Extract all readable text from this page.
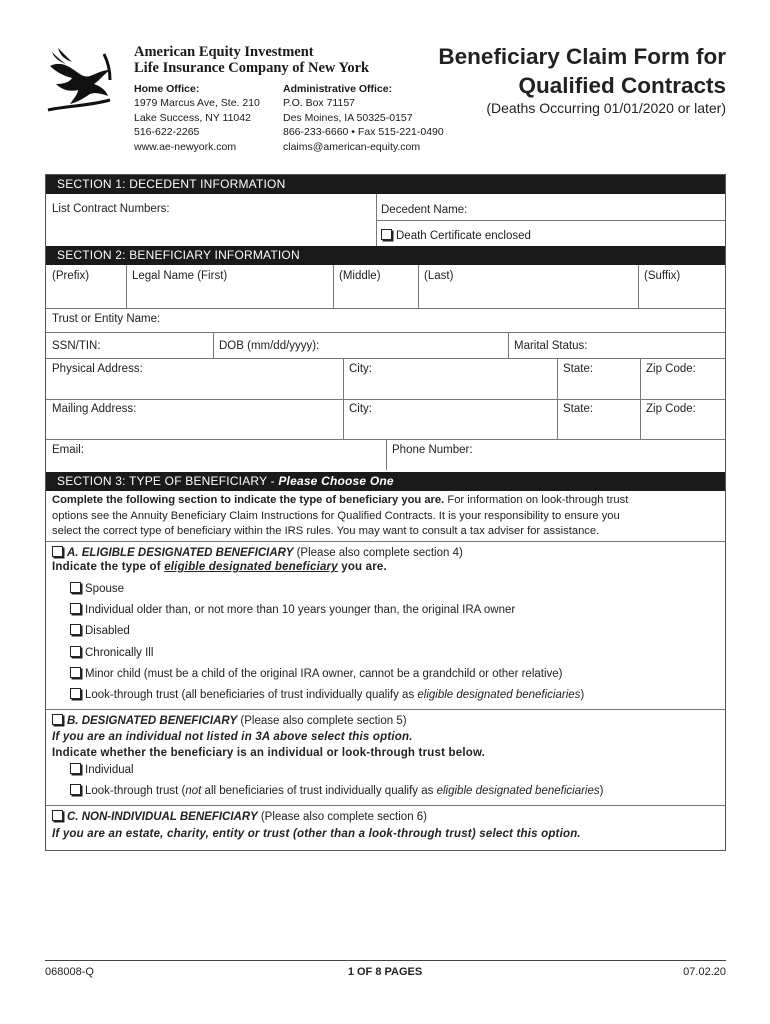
American Equity Investment
Life Insurance Company of New York
Home Office:
1979 Marcus Ave, Ste. 210
Lake Success, NY 11042
516-622-2265
www.ae-newyork.com
Administrative Office:
P.O. Box 71157
Des Moines, IA 50325-0157
866-233-6660 • Fax 515-221-0490
claims@american-equity.com
Beneficiary Claim Form for
Qualified Contracts
(Deaths Occurring 01/01/2020 or later)
SECTION 1: DECEDENT INFORMATION
List Contract Numbers:	Decedent Name:
Death Certificate enclosed
SECTION 2: BENEFICIARY INFORMATION
(Prefix)	Legal Name (First)	(Middle)	(Last)	(Suffix)
Trust or Entity Name:
SSN/TIN:	DOB (mm/dd/yyyy):	Marital Status:
Physical Address:	City:	State:	Zip Code:
Mailing Address:	City:	State:	Zip Code:
Email:	Phone Number:
SECTION 3: TYPE OF BENEFICIARY - Please Choose One
Complete the following section to indicate the type of beneficiary you are. For information on look-through trust
options see the Annuity Beneficiary Claim Instructions for Qualified Contracts. It is your responsibility to ensure you
select the correct type of beneficiary within the IRS rules. You may want to consult a tax adviser for assistance.
A. ELIGIBLE DESIGNATED BENEFICIARY (Please also complete section 4)
Indicate the type of eligible designated beneficiary you are.
Spouse
Individual older than, or not more than 10 years younger than, the original IRA owner
Disabled
Chronically Ill
Minor child (must be a child of the original IRA owner, cannot be a grandchild or other relative)
Look-through trust (all beneficiaries of trust individually qualify as eligible designated beneficiaries)
B. DESIGNATED BENEFICIARY (Please also complete section 5)
If you are an individual not listed in 3A above select this option.
Indicate whether the beneficiary is an individual or look-through trust below.
Individual
Look-through trust (not all beneficiaries of trust individually qualify as eligible designated beneficiaries)
C. NON-INDIVIDUAL BENEFICIARY (Please also complete section 6)
If you are an estate, charity, entity or trust (other than a look-through trust) select this option.
068008-Q	1 OF 8 PAGES	07.02.20
